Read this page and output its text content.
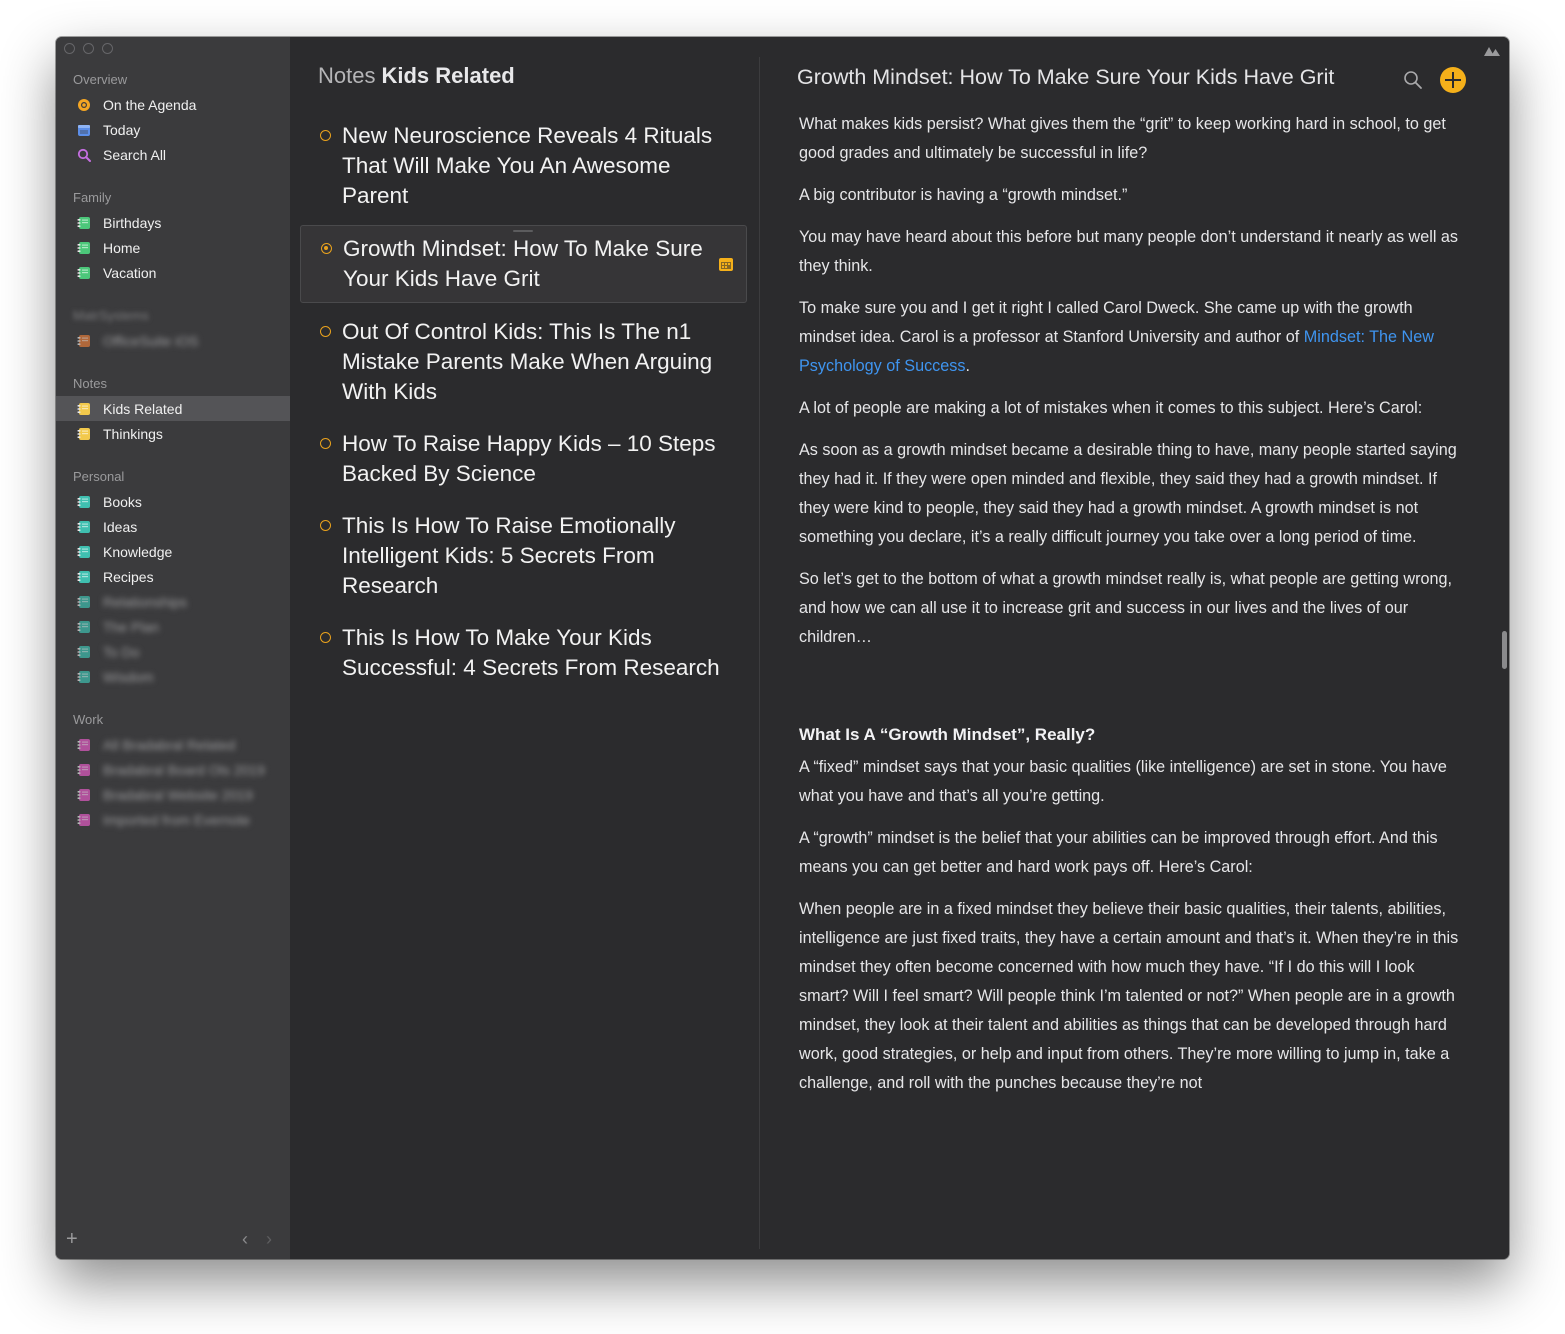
Overview
On the Agenda
Today
Search All
Family
Birthdays
Home
Vacation
MatrSystems
OfficeSuite iOS
Notes
Kids Related
Thinkings
Personal
Books
Ideas
Knowledge
Recipes
Relationships
The Plan
To Do
Wisdom
Work
All Bradabral Related
Bradabral Board Ols 2019
Bradabral Website 2019
Imported from Evernote
+	‹ ›
Notes Kids Related
New Neuroscience Reveals 4 Rituals That Will Make You An Awesome Parent
Growth Mindset: How To Make Sure Your Kids Have Grit
Out Of Control Kids: This Is The n1 Mistake Parents Make When Arguing With Kids
How To Raise Happy Kids – 10 Steps Backed By Science
This Is How To Raise Emotionally Intelligent Kids: 5 Secrets From Research
This Is How To Make Your Kids Successful: 4 Secrets From Research
Growth Mindset: How To Make Sure Your Kids Have Grit

What makes kids persist? What gives them the “grit” to keep working hard in school, to get good grades and ultimately be successful in life?

A big contributor is having a “growth mindset.”

You may have heard about this before but many people don’t understand it nearly as well as they think.

To make sure you and I get it right I called Carol Dweck. She came up with the growth mindset idea. Carol is a professor at Stanford University and author of Mindset: The New Psychology of Success.

A lot of people are making a lot of mistakes when it comes to this subject. Here’s Carol:

As soon as a growth mindset became a desirable thing to have, many people started saying they had it. If they were open minded and flexible, they said they had a growth mindset. If they were kind to people, they said they had a growth mindset. A growth mindset is not something you declare, it’s a really difficult journey you take over a long period of time.

So let’s get to the bottom of what a growth mindset really is, what people are getting wrong, and how we can all use it to increase grit and success in our lives and the lives of our children…

What Is A “Growth Mindset”, Really?

A “fixed” mindset says that your basic qualities (like intelligence) are set in stone. You have what you have and that’s all you’re getting.

A “growth” mindset is the belief that your abilities can be improved through effort. And this means you can get better and hard work pays off. Here’s Carol:

When people are in a fixed mindset they believe their basic qualities, their talents, abilities, intelligence are just fixed traits, they have a certain amount and that’s it. When they’re in this mindset they often become concerned with how much they have. “If I do this will I look smart? Will I feel smart? Will people think I’m talented or not?” When people are in a growth mindset, they look at their talent and abilities as things that can be developed through hard work, good strategies, or help and input from others. They’re more willing to jump in, take a challenge, and roll with the punches because they’re not
